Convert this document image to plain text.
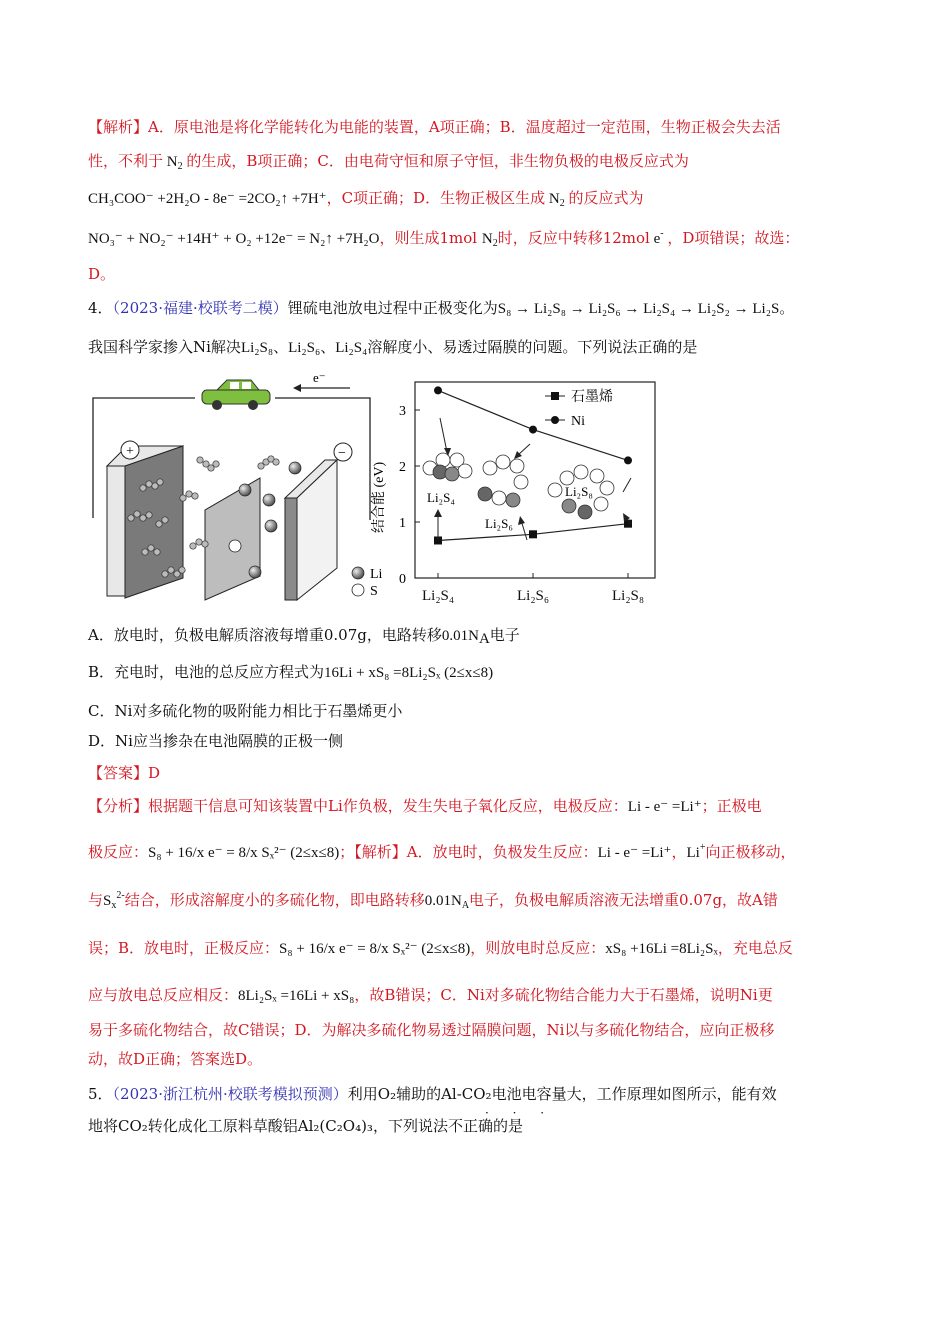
【解析】A．原电池是将化学能转化为电能的装置，A项正确；B．温度超过一定范围，生物正极会失去活
性，不利于 $N_2$ 的生成，B项正确；C．由电荷守恒和原子守恒，非生物负极的电极反应式为
CH₃COO⁻ +2H₂O - 8e⁻ =2CO₂↑ +7H⁺，C项正确；D．生物正极区生成 $N_2$ 的反应式为
NO₃⁻ + NO₂⁻ +14H⁺ + O₂ +12e⁻ = N₂↑ +7H₂O，则生成1mol $N_2$时，反应中转移12mol e- ，D项错误；故选：
D。
4．（2023·福建·校联考二模）锂硫电池放电过程中正极变化为S₈ → Li₂S₈ → Li₂S₆ → Li₂S₄ → Li₂S₂ → Li₂S。
我国科学家掺入Ni解决Li₂S₈、Li₂S₆、Li₂S₄溶解度小、易透过隔膜的问题。下列说法正确的是
e⁻
+	−
Li
S
0
1
2
3
结合能 (eV)
石墨烯
Ni
Li₂S₄
Li₂S₆
Li₂S₈
Li₂S₄	Li₂S₆	Li₂S₈
A．放电时，负极电解质溶液每增重0.07g，电路转移$0.01N_A$电子
B．充电时，电池的总反应方程式为16Li + xS₈ =8Li₂Sₓ (2≤x≤8)
C．Ni对多硫化物的吸附能力相比于石墨烯更小
D．Ni应当掺杂在电池隔膜的正极一侧
【答案】D
【分析】根据题干信息可知该装置中Li作负极，发生失电子氧化反应，电极反应：Li - e⁻ =Li⁺；正极电
极反应：S₈ + 16/x e⁻ = 8/x Sₓ²⁻ (2≤x≤8)；【解析】A．放电时，负极发生反应：Li - e⁻ =Li⁺，Li+向正极移动，
与$S_x^{2-}$结合，形成溶解度小的多硫化物，即电路转移$0.01N_A$电子，负极电解质溶液无法增重0.07g，故A错
误；B．放电时，正极反应：S₈ + 16/x e⁻ = 8/x Sₓ²⁻ (2≤x≤8)，则放电时总反应：xS₈ +16Li =8Li₂Sₓ，充电总反
应与放电总反应相反：8Li₂Sₓ =16Li + xS₈，故B错误；C．Ni对多硫化物结合能力大于石墨烯，说明Ni更
易于多硫化物结合，故C错误；D．为解决多硫化物易透过隔膜问题，Ni以与多硫化物结合，应向正极移
动，故D正确；答案选D。
5．（2023·浙江杭州·校联考模拟预测）利用O₂辅助的Al-CO₂电池电容量大，工作原理如图所示，能有效
地将CO₂转化成化工原料草酸铝Al₂(C₂O₄)₃，下列说法不正确的是
· · ·
